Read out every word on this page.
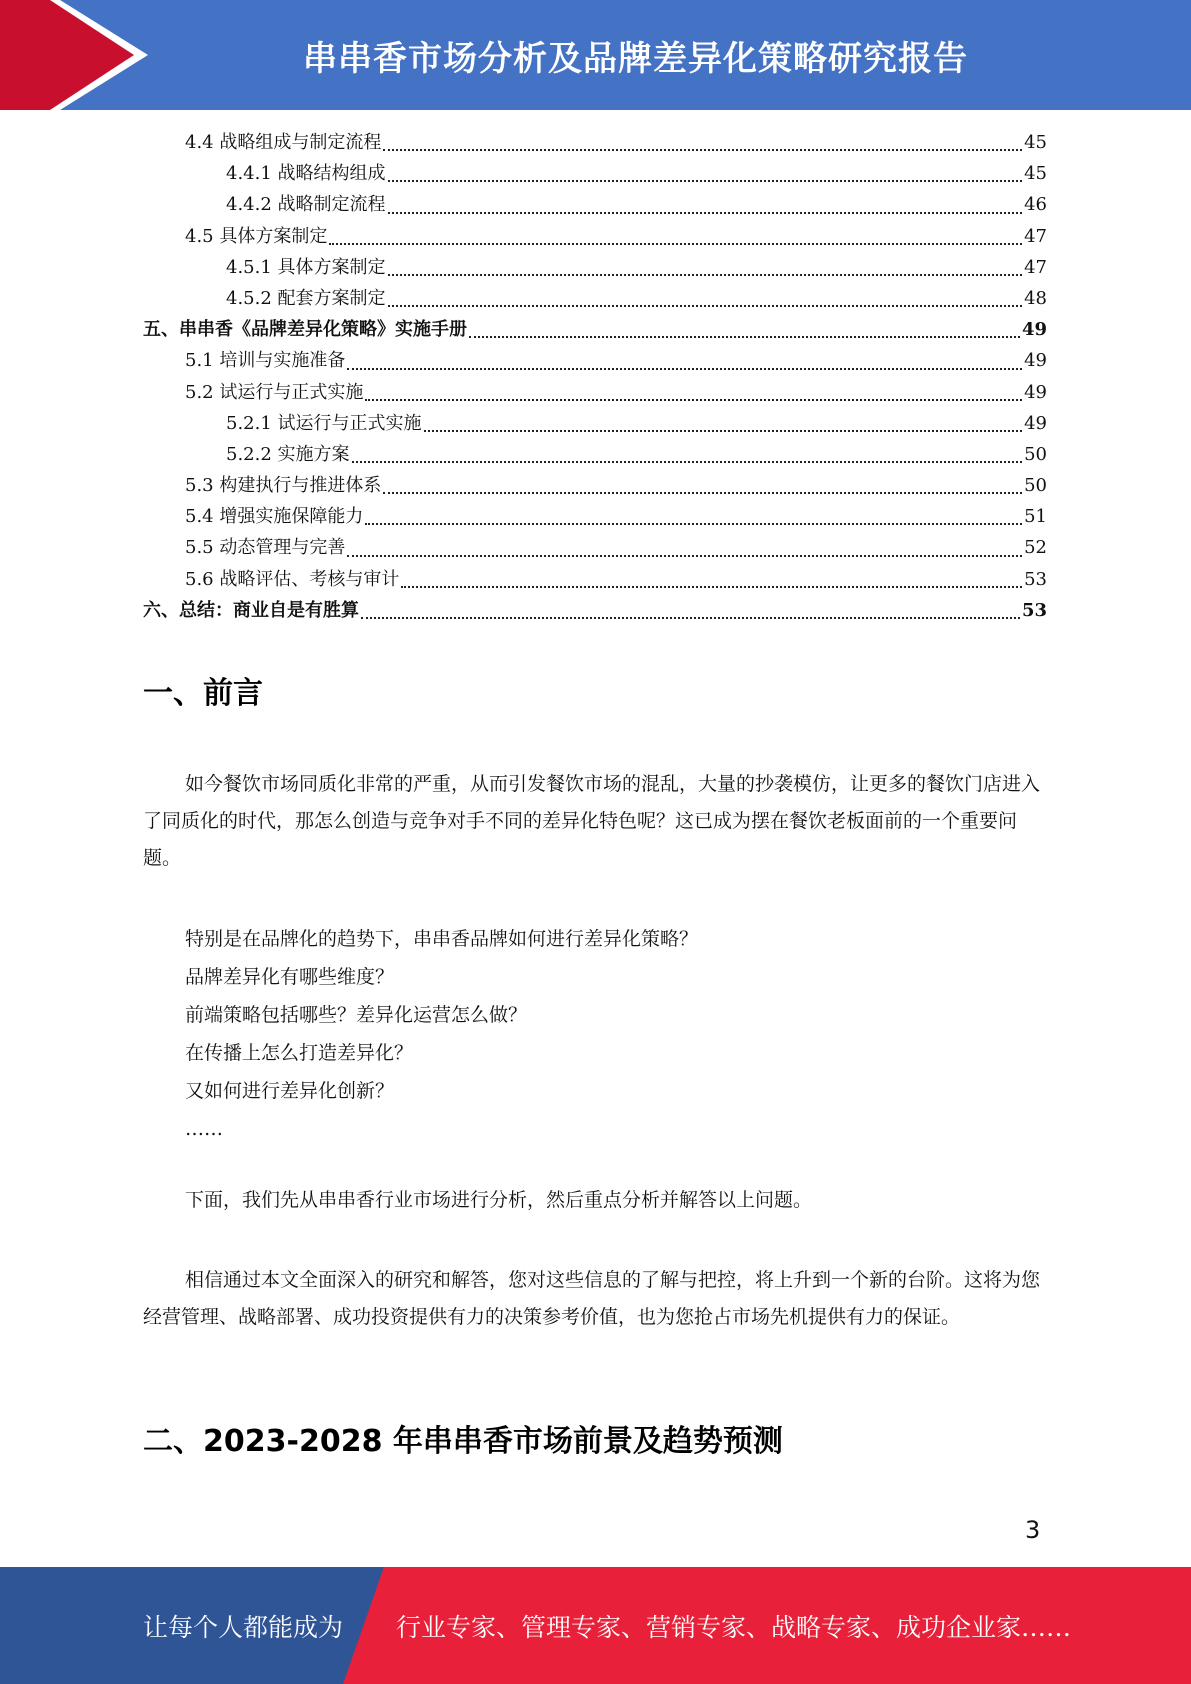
串串香市场分析及品牌差异化策略研究报告
4.4 战略组成与制定流程	45
4.4.1 战略结构组成	45
4.4.2 战略制定流程	46
4.5 具体方案制定	47
4.5.1 具体方案制定	47
4.5.2 配套方案制定	48
五、串串香《品牌差异化策略》实施手册	49
5.1 培训与实施准备	49
5.2 试运行与正式实施	49
5.2.1 试运行与正式实施	49
5.2.2 实施方案	50
5.3 构建执行与推进体系	50
5.4 增强实施保障能力	51
5.5 动态管理与完善	52
5.6 战略评估、考核与审计	53
六、总结：商业自是有胜算	53
一、前言

如今餐饮市场同质化非常的严重，从而引发餐饮市场的混乱，大量的抄袭模仿，让更多的餐饮门店进入了同质化的时代，那怎么创造与竞争对手不同的差异化特色呢？这已成为摆在餐饮老板面前的一个重要问题。

特别是在品牌化的趋势下，串串香品牌如何进行差异化策略？
品牌差异化有哪些维度？
前端策略包括哪些？差异化运营怎么做？
在传播上怎么打造差异化？
又如何进行差异化创新？
……

下面，我们先从串串香行业市场进行分析，然后重点分析并解答以上问题。

相信通过本文全面深入的研究和解答，您对这些信息的了解与把控，将上升到一个新的台阶。这将为您经营管理、战略部署、成功投资提供有力的决策参考价值，也为您抢占市场先机提供有力的保证。

二、2023-2028 年串串香市场前景及趋势预测
3
让每个人都能成为 行业专家、管理专家、营销专家、战略专家、成功企业家……
